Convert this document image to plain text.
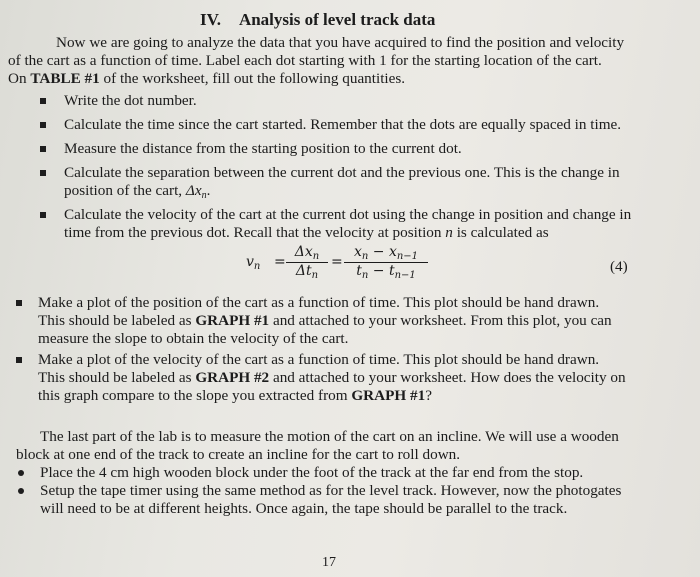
IV. Analysis of level track data
Now we are going to analyze the data that you have acquired to find the position and velocity
of the cart as a function of time. Label each dot starting with 1 for the starting location of the cart.
On TABLE #1 of the worksheet, fill out the following quantities.
Write the dot number.
Calculate the time since the cart started. Remember that the dots are equally spaced in time.
Measure the distance from the starting position to the current dot.
Calculate the separation between the current dot and the previous one. This is the change in
position of the cart, Δxn.
Calculate the velocity of the cart at the current dot using the change in position and change in
time from the previous dot. Recall that the velocity at position n is calculated as
$v_n$ =
$\Delta x_n$
$\Delta t_n$
= $\frac{x_n - x_{n-1}}{t_n - t_{n-1}}$	(4)
Make a plot of the position of the cart as a function of time. This plot should be hand drawn.
This should be labeled as GRAPH #1 and attached to your worksheet. From this plot, you can
measure the slope to obtain the velocity of the cart.
Make a plot of the velocity of the cart as a function of time. This plot should be hand drawn.
This should be labeled as GRAPH #2 and attached to your worksheet. How does the velocity on
this graph compare to the slope you extracted from GRAPH #1?
The last part of the lab is to measure the motion of the cart on an incline. We will use a wooden
block at one end of the track to create an incline for the cart to roll down.
Place the 4 cm high wooden block under the foot of the track at the far end from the stop.
Setup the tape timer using the same method as for the level track. However, now the photogates
will need to be at different heights. Once again, the tape should be parallel to the track.
17
